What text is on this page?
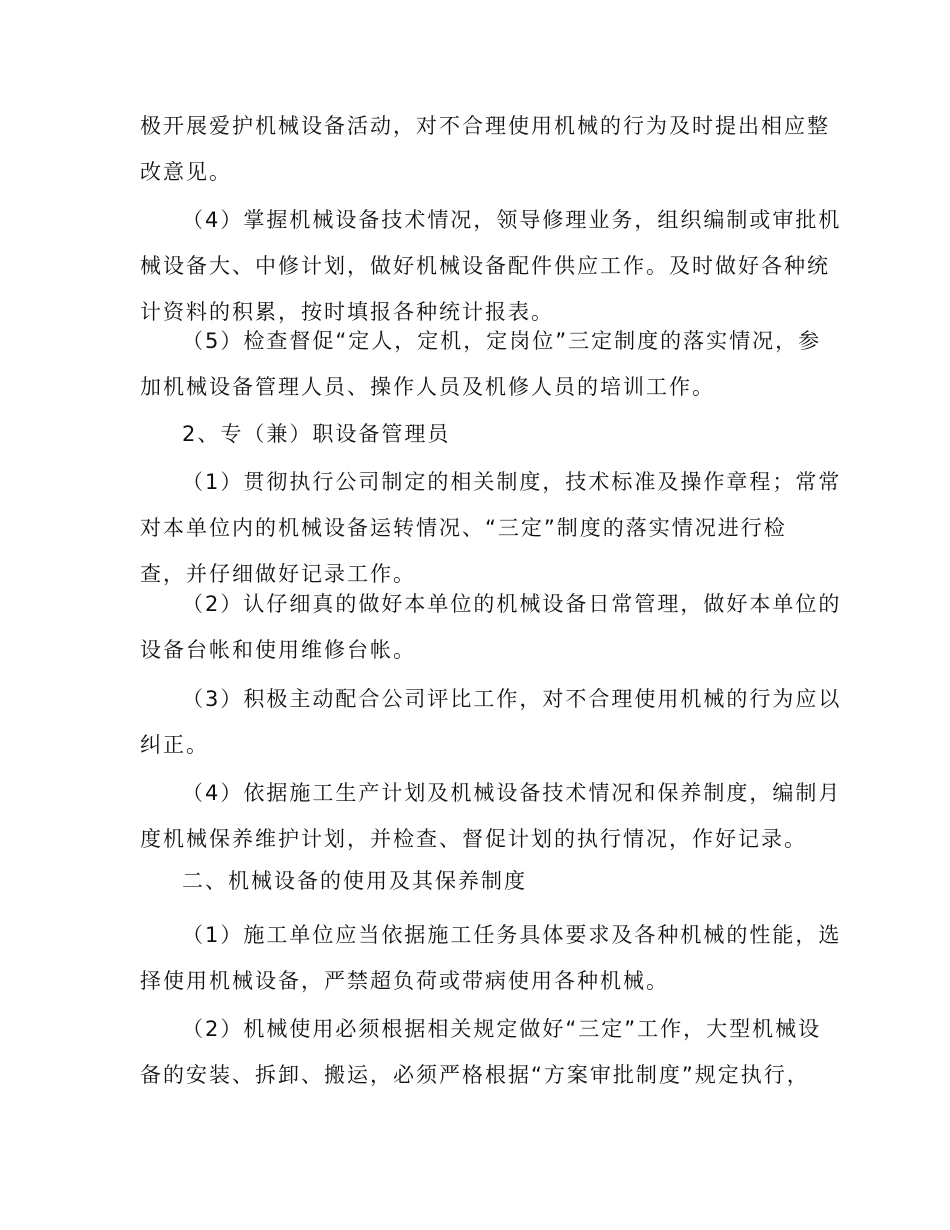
极开展爱护机械设备活动，对不合理使用机械的行为及时提出相应整
改意见。
（4）掌握机械设备技术情况，领导修理业务，组织编制或审批机
械设备大、中修计划，做好机械设备配件供应工作。及时做好各种统
计资料的积累，按时填报各种统计报表。
（5）检查督促“定人，定机，定岗位”三定制度的落实情况，参
加机械设备管理人员、操作人员及机修人员的培训工作。
2、专（兼）职设备管理员
（1）贯彻执行公司制定的相关制度，技术标准及操作章程；常常
对本单位内的机械设备运转情况、“三定”制度的落实情况进行检
查，并仔细做好记录工作。
（2）认仔细真的做好本单位的机械设备日常管理，做好本单位的
设备台帐和使用维修台帐。
（3）积极主动配合公司评比工作，对不合理使用机械的行为应以
纠正。
（4）依据施工生产计划及机械设备技术情况和保养制度，编制月
度机械保养维护计划，并检查、督促计划的执行情况，作好记录。
二、机械设备的使用及其保养制度
（1）施工单位应当依据施工任务具体要求及各种机械的性能，选
择使用机械设备，严禁超负荷或带病使用各种机械。
（2）机械使用必须根据相关规定做好“三定”工作，大型机械设
备的安装、拆卸、搬运，必须严格根据“方案审批制度”规定执行，
